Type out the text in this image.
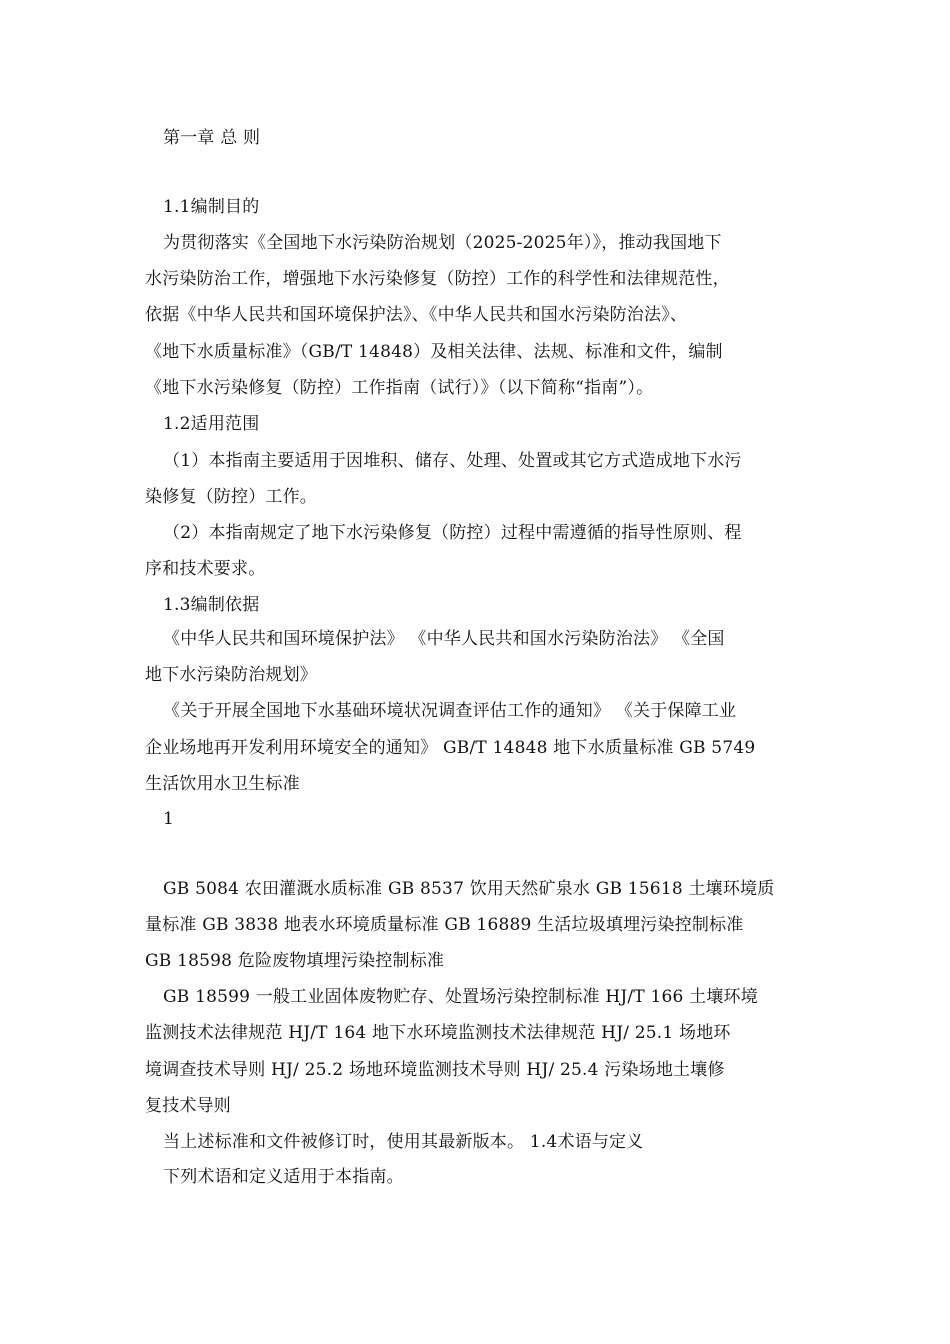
第一章 总 则
1.1编制目的
为贯彻落实《全国地下水污染防治规划（2025-2025年）》，推动我国地下
水污染防治工作，增强地下水污染修复（防控）工作的科学性和法律规范性，
依据《中华人民共和国环境保护法》、《中华人民共和国水污染防治法》、
《地下水质量标准》（GB/T 14848）及相关法律、法规、标准和文件，编制
《地下水污染修复（防控）工作指南（试行）》（以下简称“指南”）。
1.2适用范围
（1）本指南主要适用于因堆积、储存、处理、处置或其它方式造成地下水污
染修复（防控）工作。
（2）本指南规定了地下水污染修复（防控）过程中需遵循的指导性原则、程
序和技术要求。
1.3编制依据
《中华人民共和国环境保护法》 《中华人民共和国水污染防治法》 《全国
地下水污染防治规划》
《关于开展全国地下水基础环境状况调查评估工作的通知》 《关于保障工业
企业场地再开发利用环境安全的通知》 GB/T 14848 地下水质量标准 GB 5749
生活饮用水卫生标准
1
GB 5084 农田灌溉水质标准 GB 8537 饮用天然矿泉水 GB 15618 土壤环境质
量标准 GB 3838 地表水环境质量标准 GB 16889 生活垃圾填埋污染控制标准
GB 18598 危险废物填埋污染控制标准
GB 18599 一般工业固体废物贮存、处置场污染控制标准 HJ/T 166 土壤环境
监测技术法律规范 HJ/T 164 地下水环境监测技术法律规范 HJ/ 25.1 场地环
境调查技术导则 HJ/ 25.2 场地环境监测技术导则 HJ/ 25.4 污染场地土壤修
复技术导则
当上述标准和文件被修订时，使用其最新版本。 1.4术语与定义
下列术语和定义适用于本指南。
